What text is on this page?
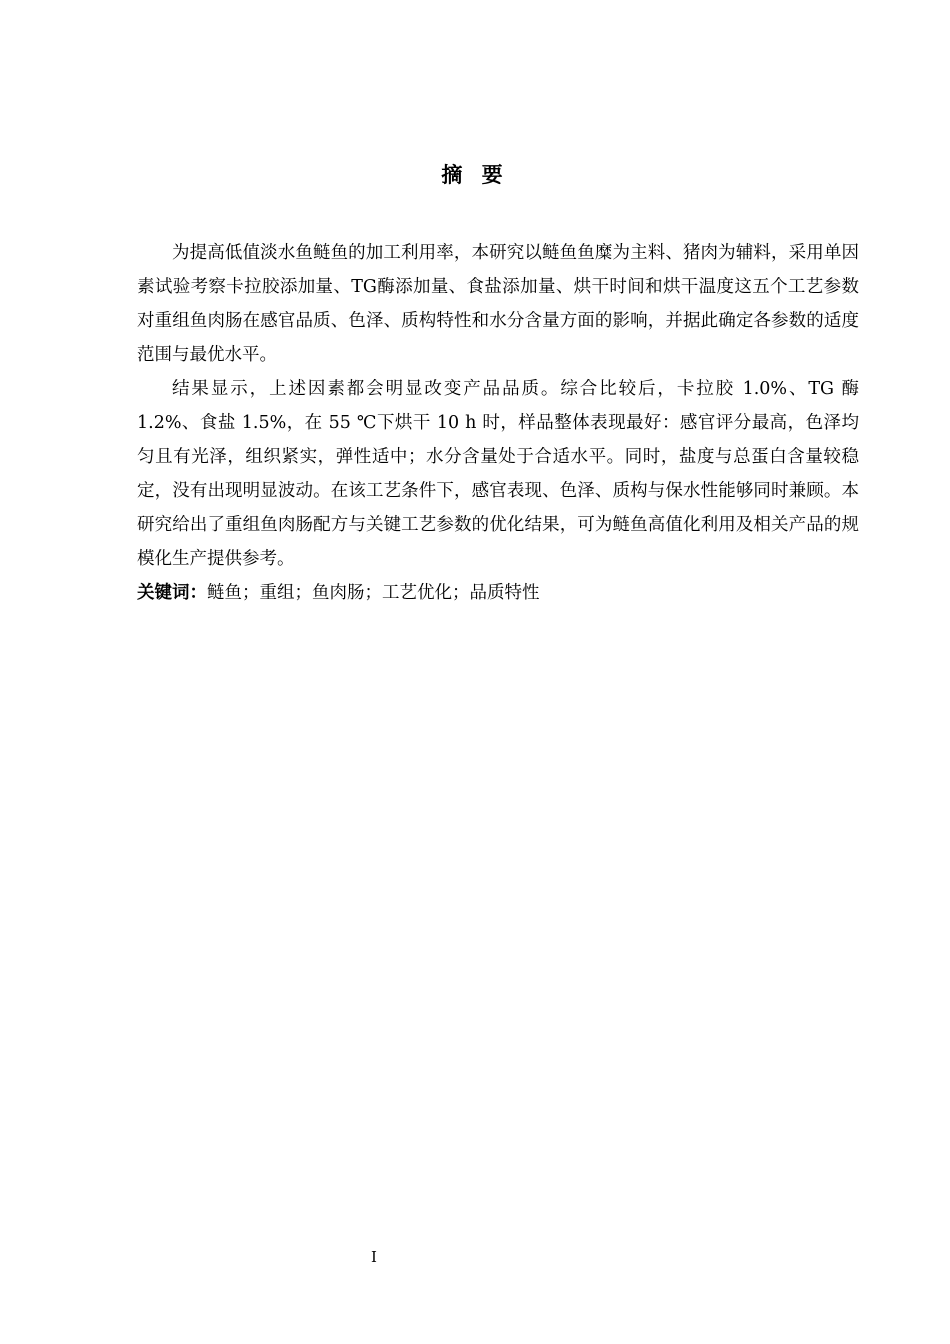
摘 要

为提高低值淡水鱼鲢鱼的加工利用率，本研究以鲢鱼鱼糜为主料、猪肉为辅料，采用单因素试验考察卡拉胶添加量、TG酶添加量、食盐添加量、烘干时间和烘干温度这五个工艺参数对重组鱼肉肠在感官品质、色泽、质构特性和水分含量方面的影响，并据此确定各参数的适度范围与最优水平。

结果显示，上述因素都会明显改变产品品质。综合比较后，卡拉胶 1.0%、TG 酶 1.2%、食盐 1.5%，在 55 ℃下烘干 10 h 时，样品整体表现最好：感官评分最高，色泽均匀且有光泽，组织紧实，弹性适中；水分含量处于合适水平。同时，盐度与总蛋白含量较稳定，没有出现明显波动。在该工艺条件下，感官表现、色泽、质构与保水性能够同时兼顾。本研究给出了重组鱼肉肠配方与关键工艺参数的优化结果，可为鲢鱼高值化利用及相关产品的规模化生产提供参考。

关键词：鲢鱼；重组；鱼肉肠；工艺优化；品质特性

I
